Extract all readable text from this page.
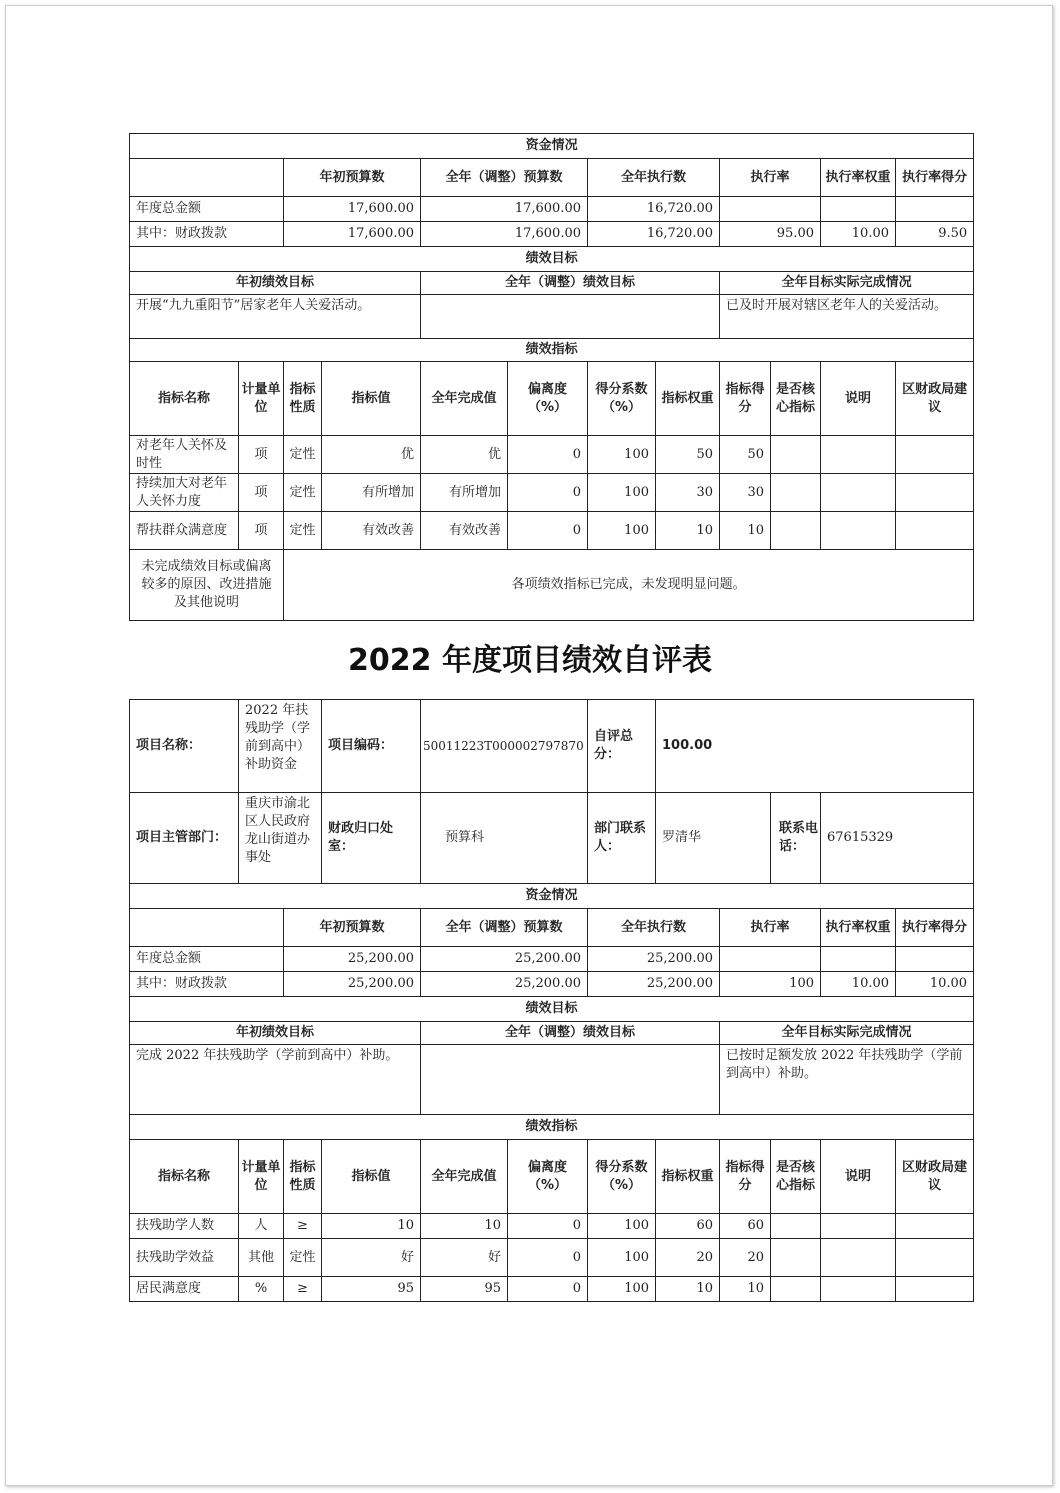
资金情况											
		年初预算数		全年（调整）预算数		全年执行数		执行率		执行率权重	执行率得分
年度总金额		17,600.00		17,600.00		16,720.00					
其中：财政拨款		17,600.00		17,600.00		16,720.00		95.00		10.00	9.50
绩效目标											
年初绩效目标				全年（调整）绩效目标				全年目标实际完成情况			
开展“九九重阳节”居家老年人关爱活动。								已及时开展对辖区老年人的关爱活动。			
绩效指标											
指标名称	计量单位	指标性质	指标值	全年完成值	偏离度（%）	得分系数（%）	指标权重	指标得分	是否核心指标	说明	区财政局建议
对老年人关怀及时性	项	定性	优	优	0	100	50	50			
持续加大对老年人关怀力度	项	定性	有所增加	有所增加	0	100	30	30			
帮扶群众满意度	项	定性	有效改善	有效改善	0	100	10	10			
未完成绩效目标或偏离较多的原因、改进措施及其他说明		各项绩效指标已完成，未发现明显问题。									
2022 年度项目绩效自评表
项目名称：	2022 年扶残助学（学前到高中）补助资金		项目编码：	50011223T000002797870		自评总分：	100.00				
项目主管部门：	重庆市渝北区人民政府龙山街道办事处		财政归口处室：	预算科		部门联系人：	罗清华		联系电话：	67615329	
资金情况											
		年初预算数		全年（调整）预算数		全年执行数		执行率		执行率权重	执行率得分
年度总金额		25,200.00		25,200.00		25,200.00					
其中：财政拨款		25,200.00		25,200.00		25,200.00		100		10.00	10.00
绩效目标											
年初绩效目标				全年（调整）绩效目标				全年目标实际完成情况			
完成 2022 年扶残助学（学前到高中）补助。								已按时足额发放 2022 年扶残助学（学前到高中）补助。			
绩效指标											
指标名称	计量单位	指标性质	指标值	全年完成值	偏离度（%）	得分系数（%）	指标权重	指标得分	是否核心指标	说明	区财政局建议
扶残助学人数	人	≥	10	10	0	100	60	60			
扶残助学效益	其他	定性	好	好	0	100	20	20			
居民满意度	%	≥	95	95	0	100	10	10			
